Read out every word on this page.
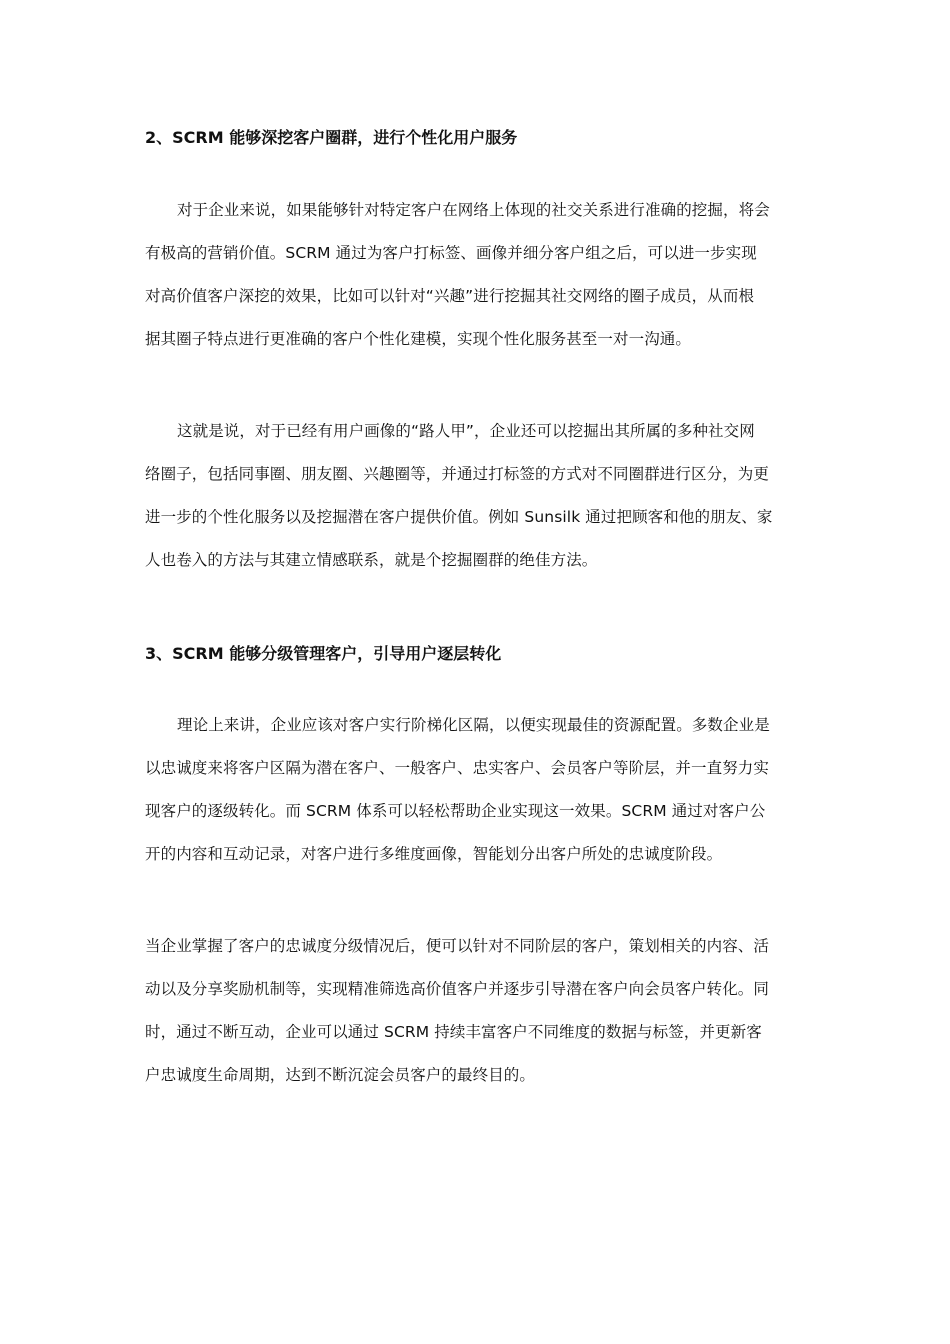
2、SCRM 能够深挖客户圈群，进行个性化用户服务
对于企业来说，如果能够针对特定客户在网络上体现的社交关系进行准确的挖掘，将会
有极高的营销价值。SCRM 通过为客户打标签、画像并细分客户组之后，可以进一步实现
对高价值客户深挖的效果，比如可以针对“兴趣”进行挖掘其社交网络的圈子成员，从而根
据其圈子特点进行更准确的客户个性化建模，实现个性化服务甚至一对一沟通。
这就是说，对于已经有用户画像的“路人甲”，企业还可以挖掘出其所属的多种社交网
络圈子，包括同事圈、朋友圈、兴趣圈等，并通过打标签的方式对不同圈群进行区分，为更
进一步的个性化服务以及挖掘潜在客户提供价值。例如 Sunsilk 通过把顾客和他的朋友、家
人也卷入的方法与其建立情感联系，就是个挖掘圈群的绝佳方法。
3、SCRM 能够分级管理客户，引导用户逐层转化
理论上来讲，企业应该对客户实行阶梯化区隔，以便实现最佳的资源配置。多数企业是
以忠诚度来将客户区隔为潜在客户、一般客户、忠实客户、会员客户等阶层，并一直努力实
现客户的逐级转化。而 SCRM 体系可以轻松帮助企业实现这一效果。SCRM 通过对客户公
开的内容和互动记录，对客户进行多维度画像，智能划分出客户所处的忠诚度阶段。
当企业掌握了客户的忠诚度分级情况后，便可以针对不同阶层的客户，策划相关的内容、活
动以及分享奖励机制等，实现精准筛选高价值客户并逐步引导潜在客户向会员客户转化。同
时，通过不断互动，企业可以通过 SCRM 持续丰富客户不同维度的数据与标签，并更新客
户忠诚度生命周期，达到不断沉淀会员客户的最终目的。
